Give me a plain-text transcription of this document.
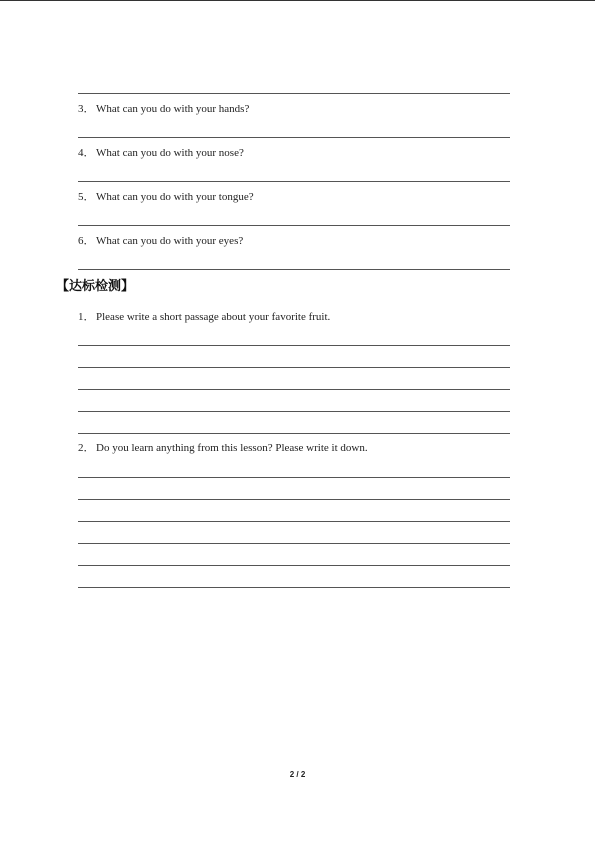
3． What can you do with your hands?
4． What can you do with your nose?
5． What can you do with your tongue?
6． What can you do with your eyes?
【达标检测】
1． Please write a short passage about your favorite fruit.
2． Do you learn anything from this lesson? Please write it down.
2 / 2
